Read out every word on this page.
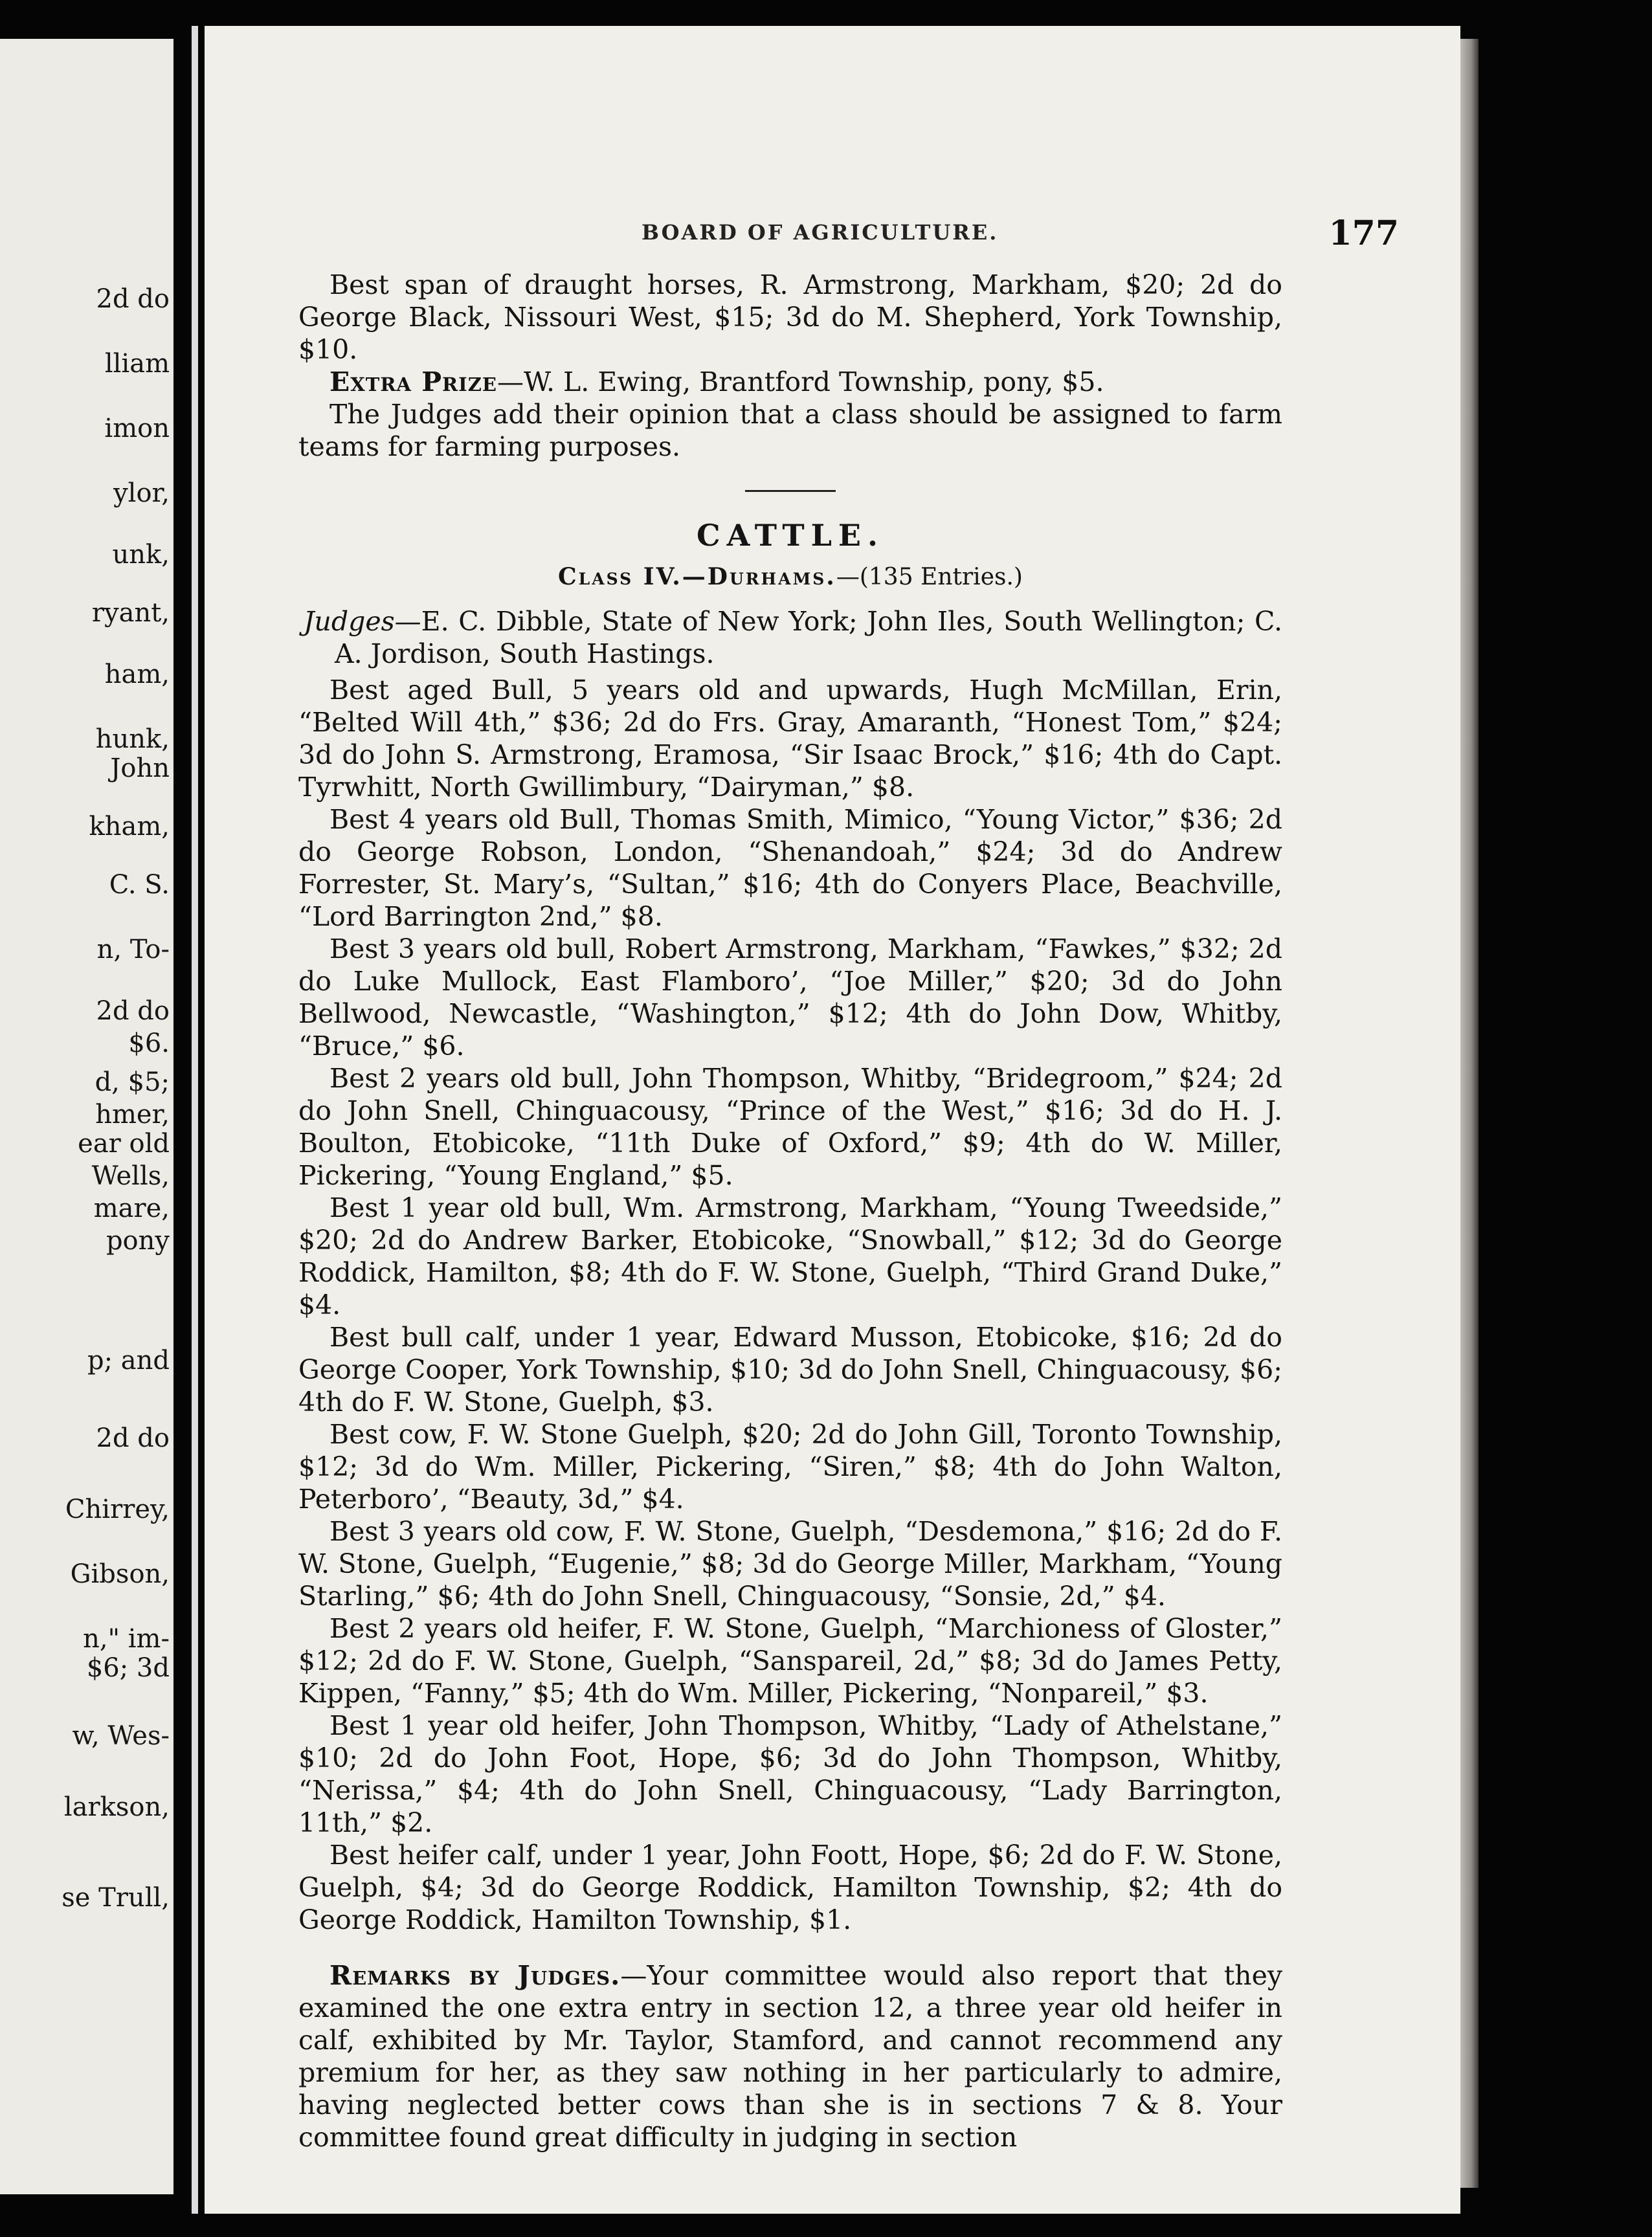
2d do
lliam
imon
ylor,
unk,
ryant,
ham,
hunk,
John
kham,
C. S.
n, To-
2d do
$6.
d, $5;
hmer,
ear old
Wells,
mare,
pony
p; and
2d do
Chirrey,
Gibson,
n," im-
$6; 3d
w, Wes-
larkson,
se Trull,
BOARD OF AGRICULTURE.	177

Best span of draught horses, R. Armstrong, Markham, $20; 2d do George Black, Nissouri West, $15; 3d do M. Shepherd, York Township, $10.

Extra Prize—W. L. Ewing, Brantford Township, pony, $5.

The Judges add their opinion that a class should be assigned to farm teams for farming purposes.

CATTLE.
Class IV.—Durhams.—(135 Entries.)

Judges—E. C. Dibble, State of New York; John Iles, South Wellington; C. A. Jordison, South Hastings.

Best aged Bull, 5 years old and upwards, Hugh McMillan, Erin, “Belted Will 4th,” $36; 2d do Frs. Gray, Amaranth, “Honest Tom,” $24; 3d do John S. Armstrong, Eramosa, “Sir Isaac Brock,” $16; 4th do Capt. Tyrwhitt, North Gwillimbury, “Dairyman,” $8.

Best 4 years old Bull, Thomas Smith, Mimico, “Young Victor,” $36; 2d do George Robson, London, “Shenandoah,” $24; 3d do Andrew Forrester, St. Mary’s, “Sultan,” $16; 4th do Conyers Place, Beachville, “Lord Barrington 2nd,” $8.

Best 3 years old bull, Robert Armstrong, Markham, “Fawkes,” $32; 2d do Luke Mullock, East Flamboro’, “Joe Miller,” $20; 3d do John Bellwood, Newcastle, “Washington,” $12; 4th do John Dow, Whitby, “Bruce,” $6.

Best 2 years old bull, John Thompson, Whitby, “Bridegroom,” $24; 2d do John Snell, Chinguacousy, “Prince of the West,” $16; 3d do H. J. Boulton, Etobicoke, “11th Duke of Oxford,” $9; 4th do W. Miller, Pickering, “Young England,” $5.

Best 1 year old bull, Wm. Armstrong, Markham, “Young Tweedside,” $20; 2d do Andrew Barker, Etobicoke, “Snowball,” $12; 3d do George Roddick, Hamilton, $8; 4th do F. W. Stone, Guelph, “Third Grand Duke,” $4.

Best bull calf, under 1 year, Edward Musson, Etobicoke, $16; 2d do George Cooper, York Township, $10; 3d do John Snell, Chinguacousy, $6; 4th do F. W. Stone, Guelph, $3.

Best cow, F. W. Stone Guelph, $20; 2d do John Gill, Toronto Township, $12; 3d do Wm. Miller, Pickering, “Siren,” $8; 4th do John Walton, Peterboro’, “Beauty, 3d,” $4.

Best 3 years old cow, F. W. Stone, Guelph, “Desdemona,” $16; 2d do F. W. Stone, Guelph, “Eugenie,” $8; 3d do George Miller, Markham, “Young Starling,” $6; 4th do John Snell, Chinguacousy, “Sonsie, 2d,” $4.

Best 2 years old heifer, F. W. Stone, Guelph, “Marchioness of Gloster,” $12; 2d do F. W. Stone, Guelph, “Sanspareil, 2d,” $8; 3d do James Petty, Kippen, “Fanny,” $5; 4th do Wm. Miller, Pickering, “Nonpareil,” $3.

Best 1 year old heifer, John Thompson, Whitby, “Lady of Athelstane,” $10; 2d do John Foot, Hope, $6; 3d do John Thompson, Whitby, “Nerissa,” $4; 4th do John Snell, Chinguacousy, “Lady Barrington, 11th,” $2.

Best heifer calf, under 1 year, John Foott, Hope, $6; 2d do F. W. Stone, Guelph, $4; 3d do George Roddick, Hamilton Township, $2; 4th do George Roddick, Hamilton Township, $1.

Remarks by Judges.—Your committee would also report that they examined the one extra entry in section 12, a three year old heifer in calf, exhibited by Mr. Taylor, Stamford, and cannot recommend any premium for her, as they saw nothing in her particularly to admire, having neglected better cows than she is in sections 7 & 8. Your committee found great difficulty in judging in section
